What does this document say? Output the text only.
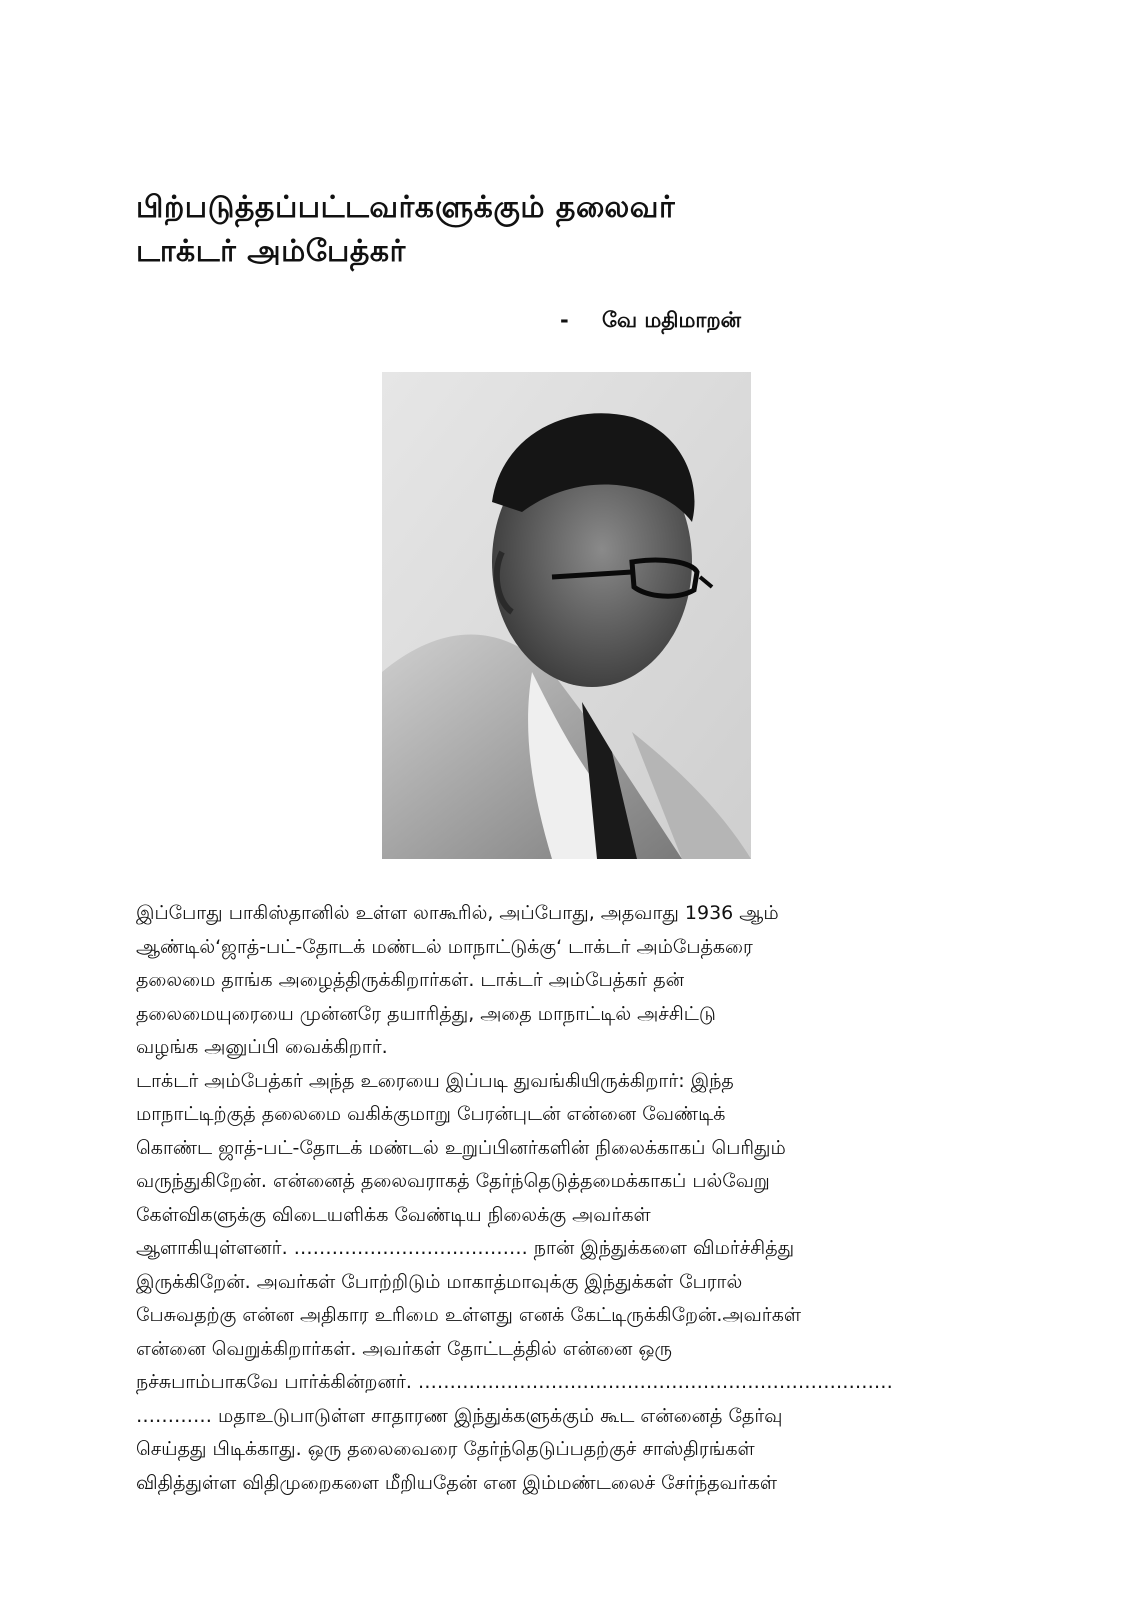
பிற்படுத்தப்பட்டவர்களுக்கும் தலைவர்
டாக்டர் அம்பேத்கர்
- வே மதிமாறன்
இப்போது பாகிஸ்தானில் உள்ள லாகூரில், அப்போது, அதவாது 1936 ஆம்
ஆண்டில்‘ஜாத்-பட்-தோடக் மண்டல் மாநாட்டுக்கு‘ டாக்டர் அம்பேத்கரை
தலைமை தாங்க அழைத்திருக்கிறார்கள். டாக்டர் அம்பேத்கர் தன்
தலைமையுரையை முன்னரே தயாரித்து, அதை மாநாட்டில் அச்சிட்டு
வழங்க அனுப்பி வைக்கிறார்.
டாக்டர் அம்பேத்கர் அந்த உரையை இப்படி துவங்கியிருக்கிறார்: இந்த
மாநாட்டிற்குத் தலைமை வகிக்குமாறு பேரன்புடன் என்னை வேண்டிக்
கொண்ட ஜாத்-பட்-தோடக் மண்டல் உறுப்பினர்களின் நிலைக்காகப் பெரிதும்
வருந்துகிறேன். என்னைத் தலைவராகத் தேர்ந்தெடுத்தமைக்காகப் பல்வேறு
கேள்விகளுக்கு விடையளிக்க வேண்டிய நிலைக்கு அவர்கள்
ஆளாகியுள்ளனர். ………………………………. நான் இந்துக்களை விமர்ச்சித்து
இருக்கிறேன். அவர்கள் போற்றிடும் மாகாத்மாவுக்கு இந்துக்கள் பேரால்
பேசுவதற்கு என்ன அதிகார உரிமை உள்ளது எனக் கேட்டிருக்கிறேன்.அவர்கள்
என்னை வெறுக்கிறார்கள். அவர்கள் தோட்டத்தில் என்னை ஒரு
நச்சுபாம்பாகவே பார்க்கின்றனர். …………………………………………………………………
………… மதாஉடுபாடுள்ள சாதாரண இந்துக்களுக்கும் கூட என்னைத் தேர்வு
செய்தது பிடிக்காது. ஒரு தலைவைரை தேர்ந்தெடுப்பதற்குச் சாஸ்திரங்கள்
விதித்துள்ள விதிமுறைகளை மீறியதேன் என இம்மண்டலைச் சேர்ந்தவர்கள்
